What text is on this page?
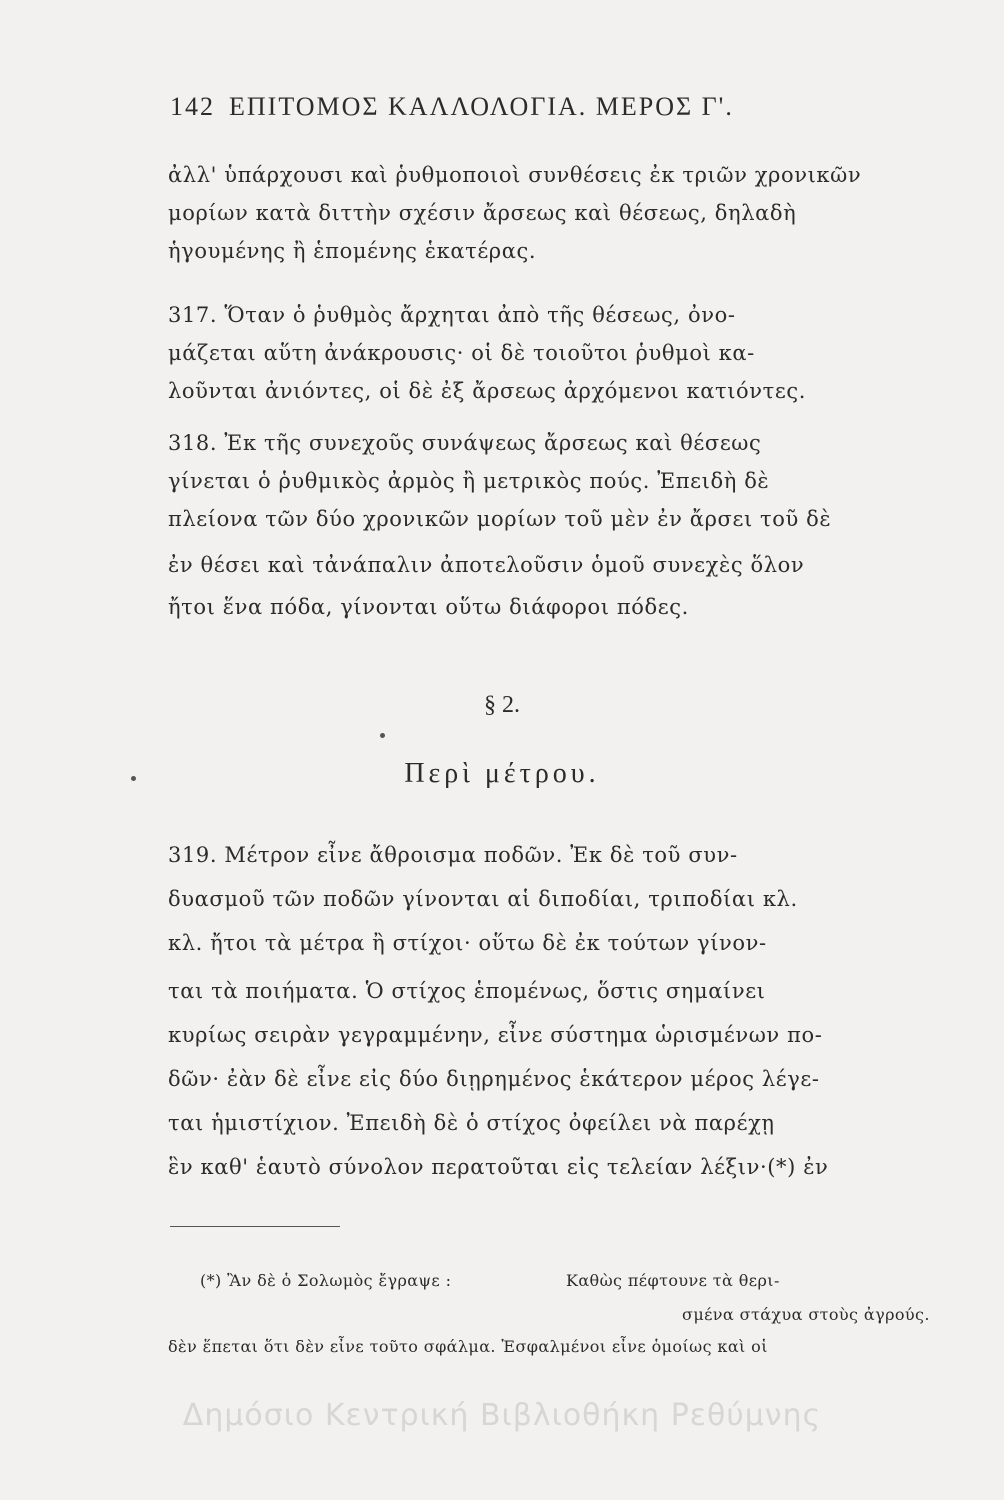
142 ΕΠΙΤΟΜΟΣ ΚΑΛΛΟΛΟΓΙΑ. ΜΕΡΟΣ Γ'.
ἀλλ' ὑπάρχουσι καὶ ῥυθμοποιοὶ συνθέσεις ἐκ τριῶν χρονικῶν
μορίων κατὰ διττὴν σχέσιν ἄρσεως καὶ θέσεως, δηλαδὴ
ἡγουμένης ἢ ἑπομένης ἑκατέρας.
317. Ὅταν ὁ ῥυθμὸς ἄρχηται ἀπὸ τῆς θέσεως, ὀνο-
μάζεται αὕτη ἀνάκρουσις· οἱ δὲ τοιοῦτοι ῥυθμοὶ κα-
λοῦνται ἀνιόντες, οἱ δὲ ἐξ ἄρσεως ἀρχόμενοι κατιόντες.
318. Ἐκ τῆς συνεχοῦς συνάψεως ἄρσεως καὶ θέσεως
γίνεται ὁ ῥυθμικὸς ἀρμὸς ἢ μετρικὸς πούς. Ἐπειδὴ δὲ
πλείονα τῶν δύο χρονικῶν μορίων τοῦ μὲν ἐν ἄρσει τοῦ δὲ
ἐν θέσει καὶ τἀνάπαλιν ἀποτελοῦσιν ὁμοῦ συνεχὲς ὅλον
ἤτοι ἕνα πόδα, γίνονται οὕτω διάφοροι πόδες.
§ 2.
Περὶ μέτρου.
319. Μέτρον εἶνε ἄθροισμα ποδῶν. Ἐκ δὲ τοῦ συν-
δυασμοῦ τῶν ποδῶν γίνονται αἱ διποδίαι, τριποδίαι κλ.
κλ. ἤτοι τὰ μέτρα ἢ στίχοι· οὕτω δὲ ἐκ τούτων γίνον-
ται τὰ ποιήματα. Ὁ στίχος ἑπομένως, ὅστις σημαίνει
κυρίως σειρὰν γεγραμμένην, εἶνε σύστημα ὡρισμένων πο-
δῶν· ἐὰν δὲ εἶνε εἰς δύο διῃρημένος ἑκάτερον μέρος λέγε-
ται ἡμιστίχιον. Ἐπειδὴ δὲ ὁ στίχος ὀφείλει νὰ παρέχῃ
ἓν καθ' ἑαυτὸ σύνολον περατοῦται εἰς τελείαν λέξιν·(*) ἐν
(*) Ἂν δὲ ὁ Σολωμὸς ἔγραψε :	Καθὼς πέφτουνε τὰ θερι-
σμένα στάχυα στοὺς ἀγρούς.
δὲν ἕπεται ὅτι δὲν εἶνε τοῦτο σφάλμα. Ἐσφαλμένοι εἶνε ὁμοίως καὶ οἱ
Δημόσιο Κεντρική Βιβλιοθήκη Ρεθύμνης
